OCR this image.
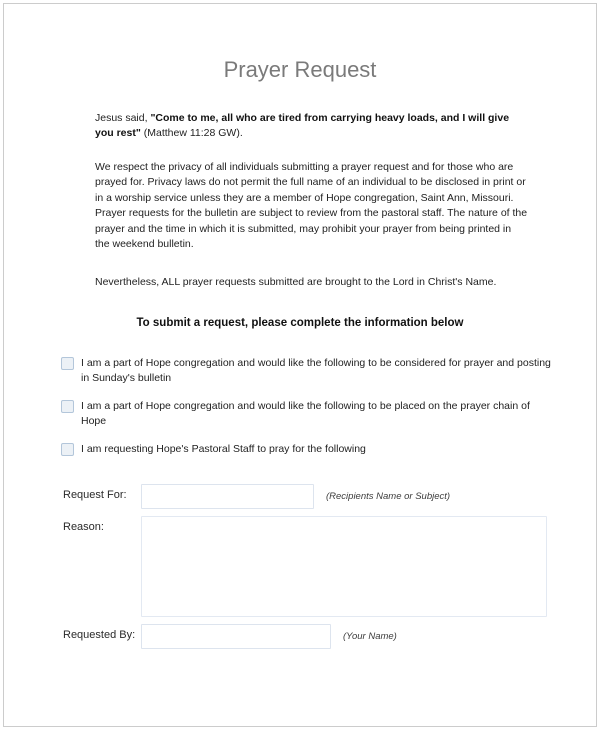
Prayer Request

Jesus said, "Come to me, all who are tired from carrying heavy loads, and I will give you rest" (Matthew 11:28 GW).

We respect the privacy of all individuals submitting a prayer request and for those who are prayed for. Privacy laws do not permit the full name of an individual to be disclosed in print or in a worship service unless they are a member of Hope congregation, Saint Ann, Missouri. Prayer requests for the bulletin are subject to review from the pastoral staff. The nature of the prayer and the time in which it is submitted, may prohibit your prayer from being printed in the weekend bulletin.

Nevertheless, ALL prayer requests submitted are brought to the Lord in Christ's Name.

To submit a request, please complete the information below
I am a part of Hope congregation and would like the following to be considered for prayer and posting in Sunday's bulletin
I am a part of Hope congregation and would like the following to be placed on the prayer chain of Hope
I am requesting Hope's Pastoral Staff to pray for the following
Request For:	(Recipients Name or Subject)
Reason:
Requested By:	(Your Name)
